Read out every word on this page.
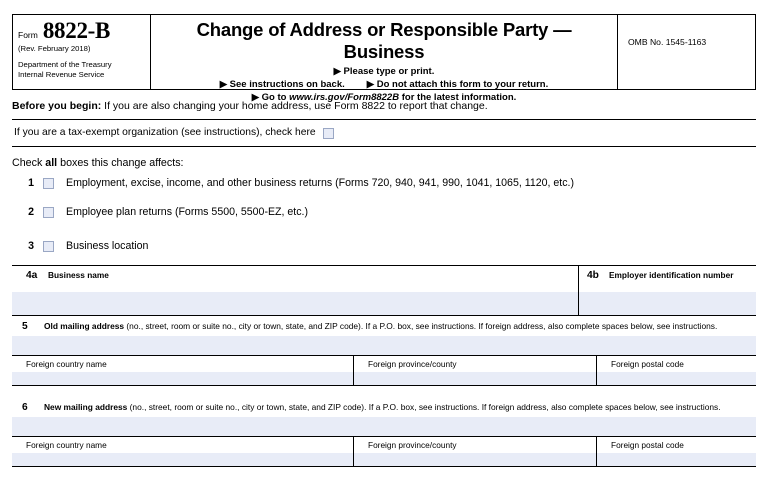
Form 8822-B
(Rev. February 2018)
Department of the Treasury
Internal Revenue Service
Change of Address or Responsible Party — Business
▶ Please type or print.
▶ See instructions on back. ▶ Do not attach this form to your return.
▶ Go to www.irs.gov/Form8822B for the latest information.
OMB No. 1545-1163
Before you begin: If you are also changing your home address, use Form 8822 to report that change.
If you are a tax-exempt organization (see instructions), check here
Check all boxes this change affects:
1	Employment, excise, income, and other business returns (Forms 720, 940, 941, 990, 1041, 1065, 1120, etc.)
2	Employee plan returns (Forms 5500, 5500-EZ, etc.)
3	Business location
4a	Business name	4b	Employer identification number
5	Old mailing address (no., street, room or suite no., city or town, state, and ZIP code). If a P.O. box, see instructions. If foreign address, also complete spaces below, see instructions.
Foreign country name	Foreign province/county	Foreign postal code
6	New mailing address (no., street, room or suite no., city or town, state, and ZIP code). If a P.O. box, see instructions. If foreign address, also complete spaces below, see instructions.
Foreign country name	Foreign province/county	Foreign postal code
